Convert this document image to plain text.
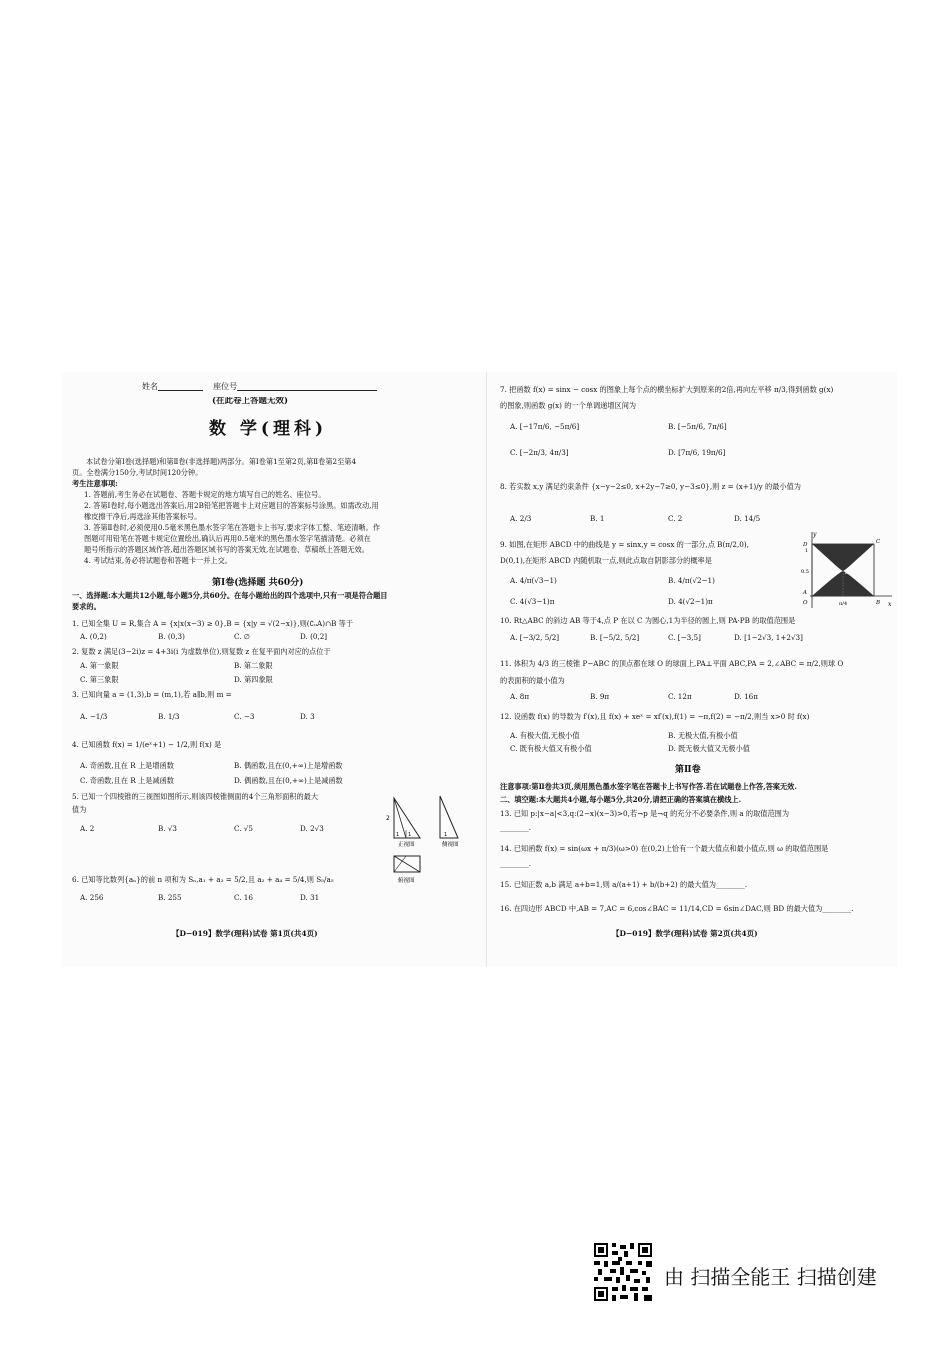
姓名	座位号
(在此卷上答题无效)
数 学(理科)
本试卷分第Ⅰ卷(选择题)和第Ⅱ卷(非选择题)两部分。第Ⅰ卷第1至第2页,第Ⅱ卷第2至第4
页。全卷满分150分,考试时间120分钟。
考生注意事项:
1. 答题前,考生务必在试题卷、答题卡规定的地方填写自己的姓名、座位号。
2. 答第Ⅰ卷时,每小题选出答案后,用2B铅笔把答题卡上对应题目的答案标号涂黑。如需改动,用
橡皮擦干净后,再选涂其他答案标号。
3. 答第Ⅱ卷时,必须使用0.5毫米黑色墨水签字笔在答题卡上书写,要求字体工整、笔迹清晰。作
图题可用铅笔在答题卡规定位置绘出,确认后再用0.5毫米的黑色墨水签字笔描清楚。必须在
题号所指示的答题区域作答,超出答题区域书写的答案无效,在试题卷、草稿纸上答题无效。
4. 考试结束,务必将试题卷和答题卡一并上交。
第Ⅰ卷(选择题 共60分)
一、选择题:本大题共12小题,每小题5分,共60分。在每小题给出的四个选项中,只有一项是符合题目
要求的。
1. 已知全集 U = R,集合 A = {x|x(x−3) ≥ 0},B = {x|y = √(2−x)},则(∁ᵤA)∩B 等于
A. (0,2)	B. (0,3)	C. ∅	D. (0,2]
2. 复数 z 满足(3−2i)z = 4+3i(i 为虚数单位),则复数 z 在复平面内对应的点位于
A. 第一象限	B. 第二象限
C. 第三象限	D. 第四象限
3. 已知向量 a = (1,3),b = (m,1),若 a∥b,则 m =
A. −1/3	B. 1/3	C. −3	D. 3
4. 已知函数 f(x) = 1/(eˣ+1) − 1/2,则 f(x) 是
A. 奇函数,且在 R 上是增函数	B. 偶函数,且在(0,+∞)上是增函数
C. 奇函数,且在 R 上是减函数	D. 偶函数,且在(0,+∞)上是减函数
5. 已知一个四棱锥的三视图如图所示,则该四棱锥侧面的4个三角形面积的最大
值为
A. 2	B. √3	C. √5	D. 2√3
2
1 1
正视图
1
侧视图
俯视图
6. 已知等比数列{aₙ}的前 n 项和为 Sₙ,a₁ + a₃ = 5/2,且 a₂ + a₄ = 5/4,则 S₅/a₅
A. 256	B. 255	C. 16	D. 31
【D−019】数学(理科)试卷 第1页(共4页)
7. 把函数 f(x) = sinx − cosx 的图象上每个点的横坐标扩大到原来的2倍,再向左平移 π/3,得到函数 g(x)
的图象,则函数 g(x) 的一个单调递增区间为
A. [−17π/6, −5π/6]	B. [−5π/6, 7π/6]
C. [−2π/3, 4π/3]	D. [7π/6, 19π/6]
8. 若实数 x,y 满足约束条件 {x−y−2≤0, x+2y−7≥0, y−3≤0},则 z = (x+1)/y 的最小值为
A. 2/3	B. 1	C. 2	D. 14/5
9. 如图,在矩形 ABCD 中的曲线是 y = sinx,y = cosx 的一部分,点 B(π/2,0),
D(0,1),在矩形 ABCD 内随机取一点,则此点取自阴影部分的概率是
A. 4/π(√3−1)	B. 4/π(√2−1)
C. 4(√3−1)π	D. 4(√2−1)π
y
x
D	C
E
A
O	B
1
0.5
π/4
10. Rt△ABC 的斜边 AB 等于4,点 P 在以 C 为圆心,1为半径的圆上,则 PA·PB 的取值范围是
A. [−3/2, 5/2]	B. [−5/2, 5/2]	C. [−3,5]	D. [1−2√3, 1+2√3]
11. 体积为 4/3 的三棱锥 P−ABC 的顶点都在球 O 的球面上,PA⊥平面 ABC,PA = 2,∠ABC = π/2,则球 O
的表面积的最小值为
A. 8π	B. 9π	C. 12π	D. 16π
12. 设函数 f(x) 的导数为 f′(x),且 f(x) + xeˣ = xf′(x),f(1) = −π,f(2) = −π/2,则当 x>0 时 f(x)
A. 有极大值,无极小值	B. 无极大值,有极小值
C. 既有极大值又有极小值	D. 既无极大值又无极小值
第Ⅱ卷
注意事项:第Ⅱ卷共3页,须用黑色墨水签字笔在答题卡上书写作答.若在试题卷上作答,答案无效.
二、填空题:本大题共4小题,每小题5分,共20分,请把正确的答案填在横线上.
13. 已知 p:|x−a|<3,q:(2−x)(x−3)>0,若¬p 是¬q 的充分不必要条件,则 a 的取值范围为
________.
14. 已知函数 f(x) = sin(ωx + π/3)(ω>0) 在(0,2)上恰有一个最大值点和最小值点,则 ω 的取值范围是
________.
15. 已知正数 a,b 满足 a+b=1,则 a/(a+1) + b/(b+2) 的最大值为________.
16. 在四边形 ABCD 中,AB = 7,AC = 6,cos∠BAC = 11/14,CD = 6sin∠DAC,则 BD 的最大值为________.
【D−019】数学(理科)试卷 第2页(共4页)
由 扫描全能王 扫描创建
